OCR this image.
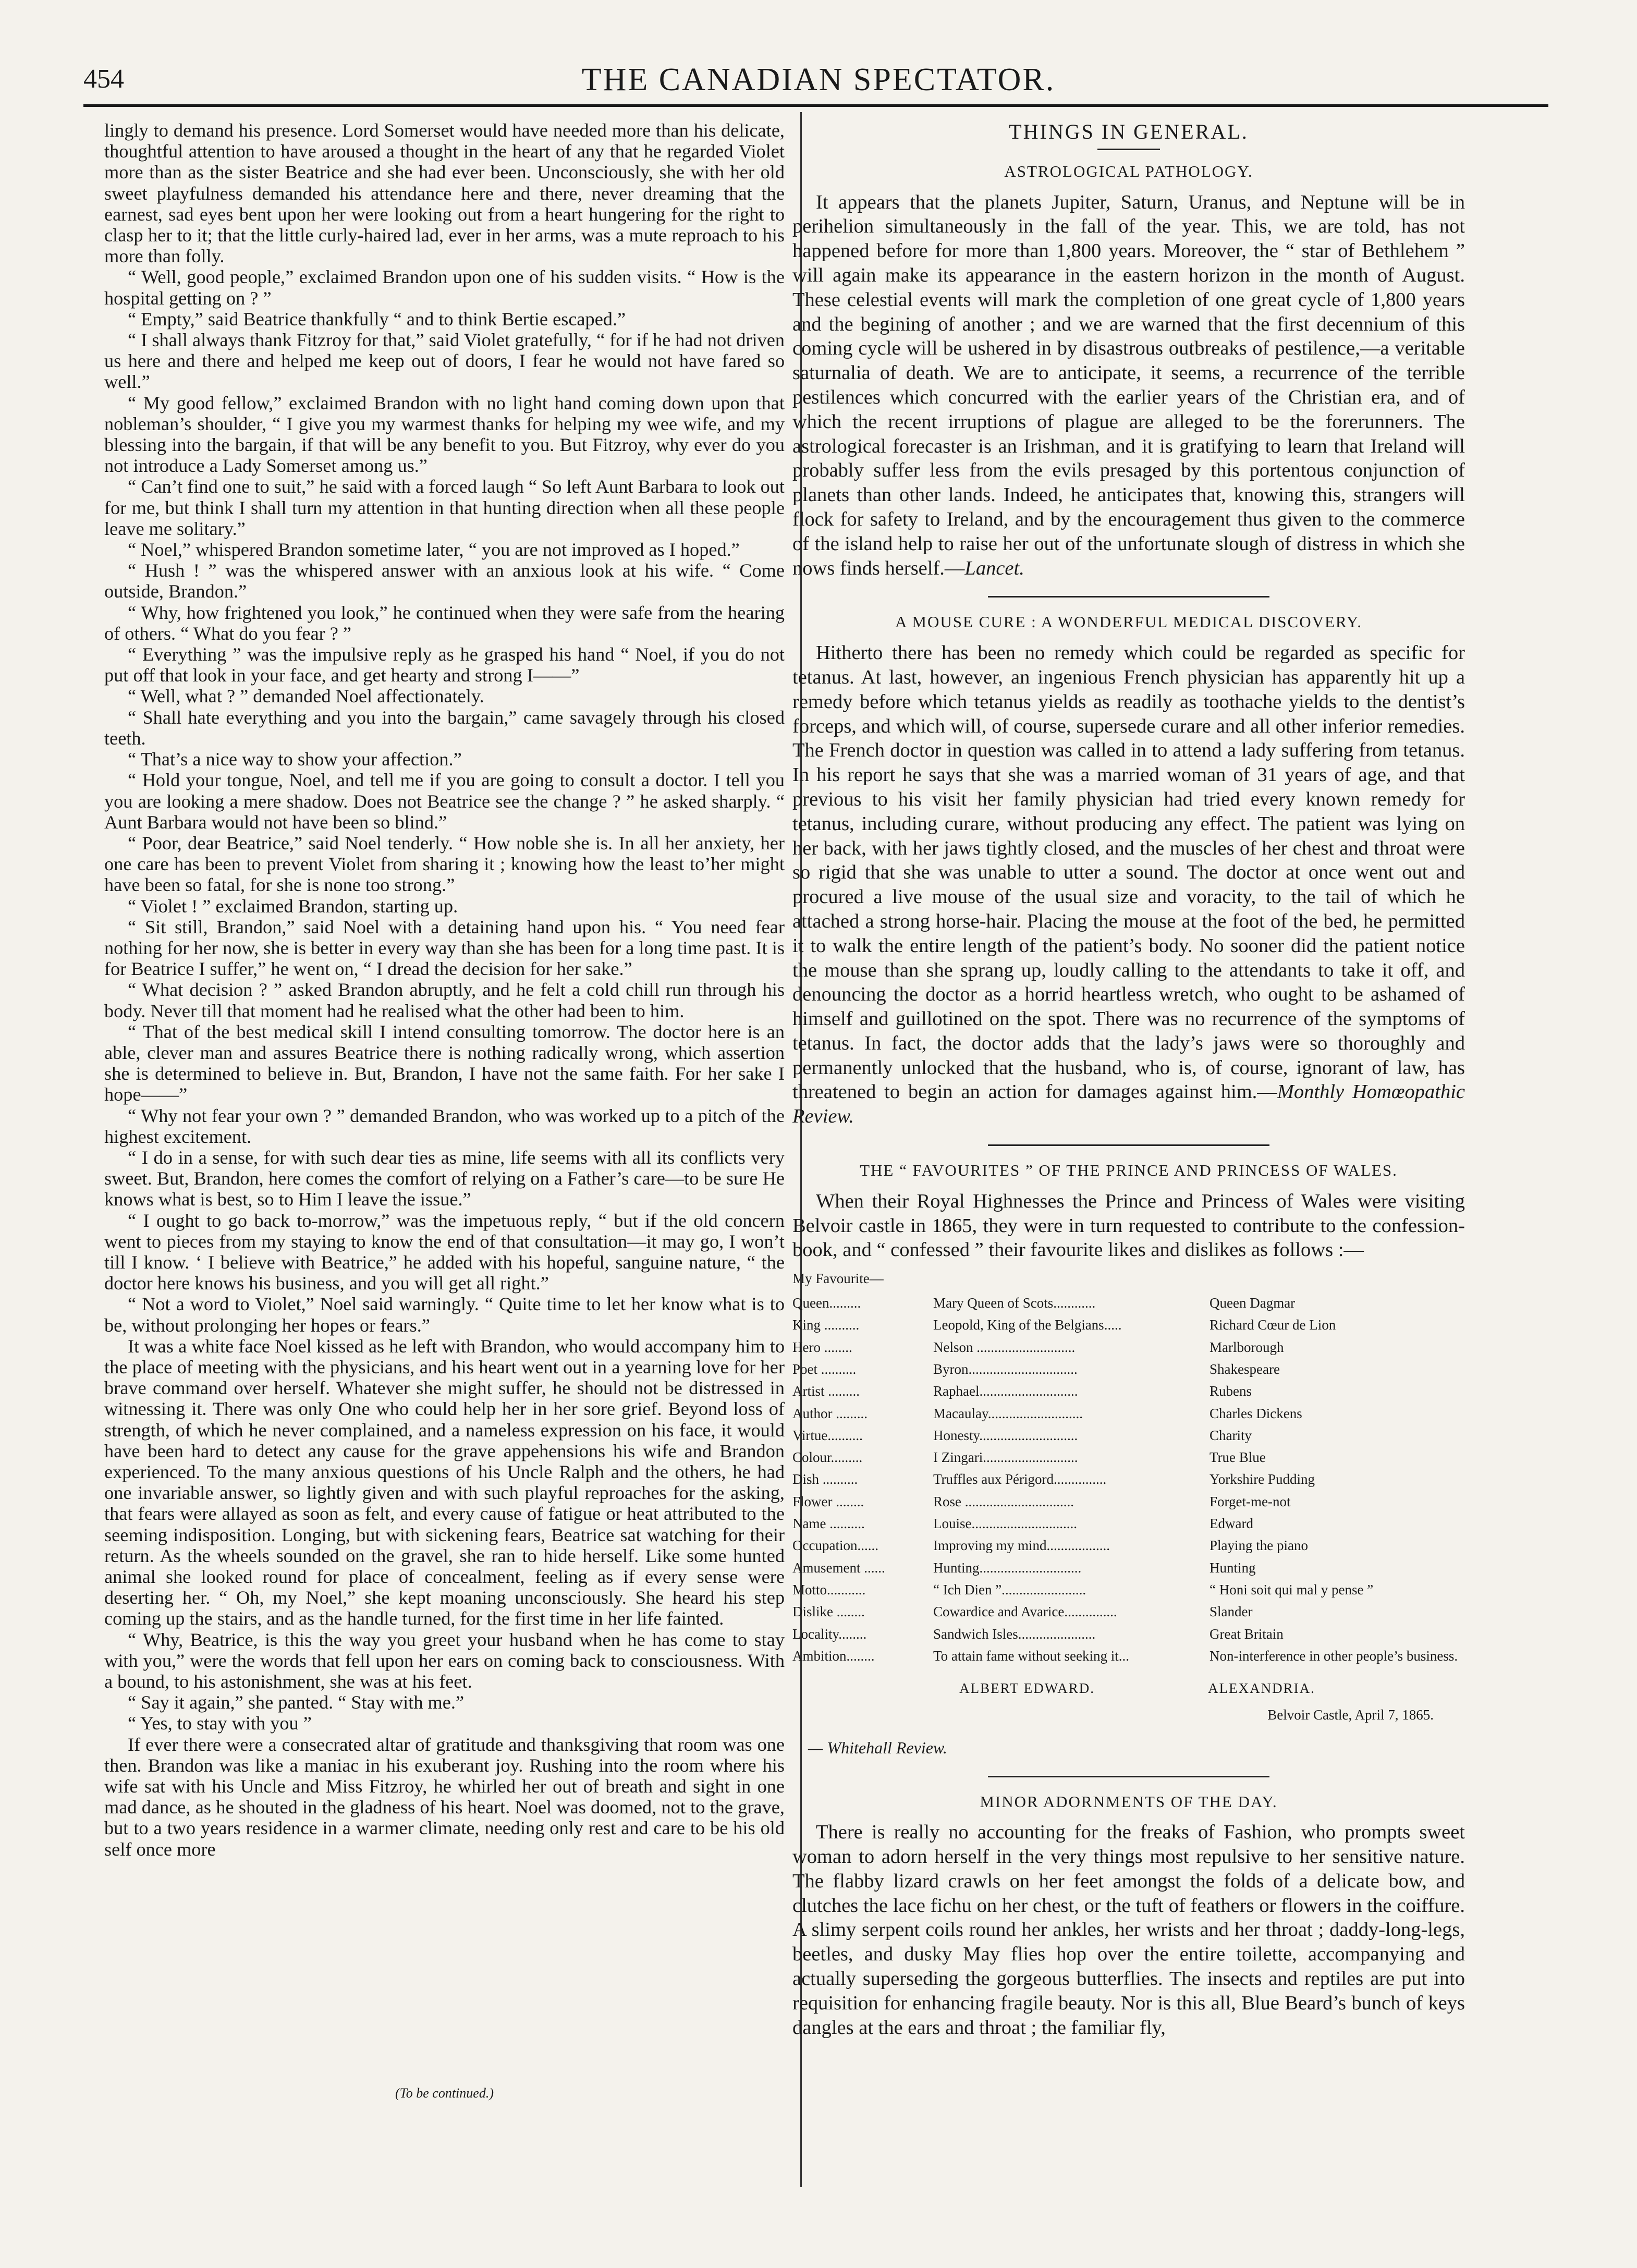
454	THE CANADIAN SPECTATOR.

lingly to demand his presence. Lord Somerset would have needed more than his delicate, thoughtful attention to have aroused a thought in the heart of any that he regarded Violet more than as the sister Beatrice and she had ever been. Unconsciously, she with her old sweet playfulness demanded his attendance here and there, never dreaming that the earnest, sad eyes bent upon her were looking out from a heart hungering for the right to clasp her to it; that the little curly-haired lad, ever in her arms, was a mute reproach to his more than folly.

“ Well, good people,” exclaimed Brandon upon one of his sudden visits. “ How is the hospital getting on ? ”

“ Empty,” said Beatrice thankfully “ and to think Bertie escaped.”

“ I shall always thank Fitzroy for that,” said Violet gratefully, “ for if he had not driven us here and there and helped me keep out of doors, I fear he would not have fared so well.”

“ My good fellow,” exclaimed Brandon with no light hand coming down upon that nobleman’s shoulder, “ I give you my warmest thanks for helping my wee wife, and my blessing into the bargain, if that will be any benefit to you. But Fitzroy, why ever do you not introduce a Lady Somerset among us.”

“ Can’t find one to suit,” he said with a forced laugh “ So left Aunt Barbara to look out for me, but think I shall turn my attention in that hunting direction when all these people leave me solitary.”

“ Noel,” whispered Brandon sometime later, “ you are not improved as I hoped.”

“ Hush ! ” was the whispered answer with an anxious look at his wife. “ Come outside, Brandon.”

“ Why, how frightened you look,” he continued when they were safe from the hearing of others. “ What do you fear ? ”

“ Everything ” was the impulsive reply as he grasped his hand “ Noel, if you do not put off that look in your face, and get hearty and strong I——”

“ Well, what ? ” demanded Noel affectionately.

“ Shall hate everything and you into the bargain,” came savagely through his closed teeth.

“ That’s a nice way to show your affection.”

“ Hold your tongue, Noel, and tell me if you are going to consult a doctor. I tell you you are looking a mere shadow. Does not Beatrice see the change ? ” he asked sharply. “ Aunt Barbara would not have been so blind.”

“ Poor, dear Beatrice,” said Noel tenderly. “ How noble she is. In all her anxiety, her one care has been to prevent Violet from sharing it ; knowing how the least to’her might have been so fatal, for she is none too strong.”

“ Violet ! ” exclaimed Brandon, starting up.

“ Sit still, Brandon,” said Noel with a detaining hand upon his. “ You need fear nothing for her now, she is better in every way than she has been for a long time past. It is for Beatrice I suffer,” he went on, “ I dread the decision for her sake.”

“ What decision ? ” asked Brandon abruptly, and he felt a cold chill run through his body. Never till that moment had he realised what the other had been to him.

“ That of the best medical skill I intend consulting tomorrow. The doctor here is an able, clever man and assures Beatrice there is nothing radically wrong, which assertion she is determined to believe in. But, Brandon, I have not the same faith. For her sake I hope——”

“ Why not fear your own ? ” demanded Brandon, who was worked up to a pitch of the highest excitement.

“ I do in a sense, for with such dear ties as mine, life seems with all its conflicts very sweet. But, Brandon, here comes the comfort of relying on a Father’s care—to be sure He knows what is best, so to Him I leave the issue.”

“ I ought to go back to-morrow,” was the impetuous reply, “ but if the old concern went to pieces from my staying to know the end of that consultation—it may go, I won’t till I know. ‘ I believe with Beatrice,” he added with his hopeful, sanguine nature, “ the doctor here knows his business, and you will get all right.”

“ Not a word to Violet,” Noel said warningly. “ Quite time to let her know what is to be, without prolonging her hopes or fears.”

It was a white face Noel kissed as he left with Brandon, who would accompany him to the place of meeting with the physicians, and his heart went out in a yearning love for her brave command over herself. Whatever she might suffer, he should not be distressed in witnessing it. There was only One who could help her in her sore grief. Beyond loss of strength, of which he never complained, and a nameless expression on his face, it would have been hard to detect any cause for the grave appehensions his wife and Brandon experienced. To the many anxious questions of his Uncle Ralph and the others, he had one invariable answer, so lightly given and with such playful reproaches for the asking, that fears were allayed as soon as felt, and every cause of fatigue or heat attributed to the seeming indisposition. Longing, but with sickening fears, Beatrice sat watching for their return. As the wheels sounded on the gravel, she ran to hide herself. Like some hunted animal she looked round for place of concealment, feeling as if every sense were deserting her. “ Oh, my Noel,” she kept moaning unconsciously. She heard his step coming up the stairs, and as the handle turned, for the first time in her life fainted.

“ Why, Beatrice, is this the way you greet your husband when he has come to stay with you,” were the words that fell upon her ears on coming back to consciousness. With a bound, to his astonishment, she was at his feet.

“ Say it again,” she panted. “ Stay with me.”

“ Yes, to stay with you ”

If ever there were a consecrated altar of gratitude and thanksgiving that room was one then. Brandon was like a maniac in his exuberant joy. Rushing into the room where his wife sat with his Uncle and Miss Fitzroy, he whirled her out of breath and sight in one mad dance, as he shouted in the gladness of his heart. Noel was doomed, not to the grave, but to a two years residence in a warmer climate, needing only rest and care to be his old self once more

(To be continued.)
THINGS IN GENERAL.
ASTROLOGICAL PATHOLOGY.

It appears that the planets Jupiter, Saturn, Uranus, and Neptune will be in perihelion simultaneously in the fall of the year. This, we are told, has not happened before for more than 1,800 years. Moreover, the “ star of Bethlehem ” will again make its appearance in the eastern horizon in the month of August. These celestial events will mark the completion of one great cycle of 1,800 years and the begining of another ; and we are warned that the first decennium of this coming cycle will be ushered in by disastrous outbreaks of pestilence,—a veritable saturnalia of death. We are to anticipate, it seems, a recurrence of the terrible pestilences which concurred with the earlier years of the Christian era, and of which the recent irruptions of plague are alleged to be the forerunners. The astrological forecaster is an Irishman, and it is gratifying to learn that Ireland will probably suffer less from the evils presaged by this portentous conjunction of planets than other lands. Indeed, he anticipates that, knowing this, strangers will flock for safety to Ireland, and by the encouragement thus given to the commerce of the island help to raise her out of the unfortunate slough of distress in which she nows finds herself.—Lancet.

A MOUSE CURE : A WONDERFUL MEDICAL DISCOVERY.

Hitherto there has been no remedy which could be regarded as specific for tetanus. At last, however, an ingenious French physician has apparently hit up a remedy before which tetanus yields as readily as toothache yields to the dentist’s forceps, and which will, of course, supersede curare and all other inferior remedies. The French doctor in question was called in to attend a lady suffering from tetanus. In his report he says that she was a married woman of 31 years of age, and that previous to his visit her family physician had tried every known remedy for tetanus, including curare, without producing any effect. The patient was lying on her back, with her jaws tightly closed, and the muscles of her chest and throat were so rigid that she was unable to utter a sound. The doctor at once went out and procured a live mouse of the usual size and voracity, to the tail of which he attached a strong horse-hair. Placing the mouse at the foot of the bed, he permitted it to walk the entire length of the patient’s body. No sooner did the patient notice the mouse than she sprang up, loudly calling to the attendants to take it off, and denouncing the doctor as a horrid heartless wretch, who ought to be ashamed of himself and guillotined on the spot. There was no recurrence of the symptoms of tetanus. In fact, the doctor adds that the lady’s jaws were so thoroughly and permanently unlocked that the husband, who is, of course, ignorant of law, has threatened to begin an action for damages against him.—Monthly Homœopathic Review.

THE “ FAVOURITES ” OF THE PRINCE AND PRINCESS OF WALES.

When their Royal Highnesses the Prince and Princess of Wales were visiting Belvoir castle in 1865, they were in turn requested to contribute to the confession-book, and “ confessed ” their favourite likes and dislikes as follows :—

My Favourite—
Queen.........	Mary Queen of Scots............	Queen Dagmar
King ..........	Leopold, King of the Belgians.....	Richard Cœur de Lion
Hero ........	Nelson ............................	Marlborough
Poet ..........	Byron...............................	Shakespeare
Artist .........	Raphael............................	Rubens
Author .........	Macaulay...........................	Charles Dickens
Virtue..........	Honesty............................	Charity
Colour.........	I Zingari...........................	True Blue
Dish ..........	Truffles aux Périgord...............	Yorkshire Pudding
Flower ........	Rose ...............................	Forget-me-not
Name ..........	Louise..............................	Edward
Occupation......	Improving my mind..................	Playing the piano
Amusement ......	Hunting.............................	Hunting
Motto...........	“ Ich Dien ”........................	“ Honi soit qui mal y pense ”
Dislike ........	Cowardice and Avarice...............	Slander
Locality........	Sandwich Isles......................	Great Britain
Ambition........	To attain fame without seeking it...	Non-interference in other people’s business.
ALBERT EDWARD.	ALEXANDRIA.
Belvoir Castle, April 7, 1865.
— Whitehall Review.
MINOR ADORNMENTS OF THE DAY.

There is really no accounting for the freaks of Fashion, who prompts sweet woman to adorn herself in the very things most repulsive to her sensitive nature. The flabby lizard crawls on her feet amongst the folds of a delicate bow, and clutches the lace fichu on her chest, or the tuft of feathers or flowers in the coiffure. A slimy serpent coils round her ankles, her wrists and her throat ; daddy-long-legs, beetles, and dusky May flies hop over the entire toilette, accompanying and actually superseding the gorgeous butterflies. The insects and reptiles are put into requisition for enhancing fragile beauty. Nor is this all, Blue Beard’s bunch of keys dangles at the ears and throat ; the familiar fly,
